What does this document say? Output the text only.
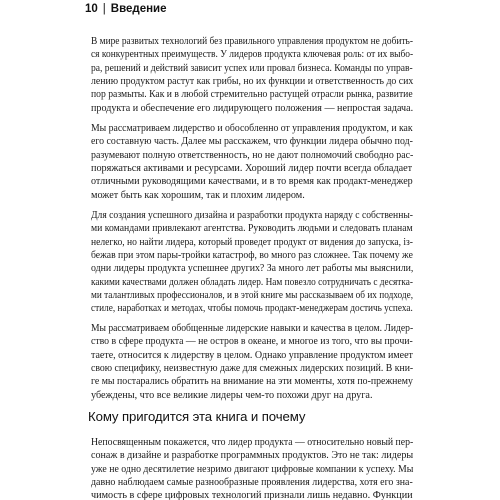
10 | Введение
В мире развитых технологий без правильного управления продуктом не добить-
ся конкурентных преимуществ. У лидеров продукта ключевая роль: от их выбо-
ра, решений и действий зависит успех или провал бизнеса. Команды по управ-
лению продуктом растут как грибы, но их функции и ответственность до сих
пор размыты. Как и в любой стремительно растущей отрасли рынка, развитие
продукта и обеспечение его лидирующего положения — непростая задача.
Мы рассматриваем лидерство и обособленно от управления продуктом, и как
его составную часть. Далее мы расскажем, что функции лидера обычно под-
разумевают полную ответственность, но не дают полномочий свободно рас-
поряжаться активами и ресурсами. Хороший лидер почти всегда обладает
отличными руководящими качествами, и в то время как продакт-менеджер
может быть как хорошим, так и плохим лидером.
Для создания успешного дизайна и разработки продукта наряду с собственны-
ми командами привлекают агентства. Руководить людьми и следовать планам
нелегко, но найти лидера, который проведет продукт от видения до запуска, із-
бежав при этом пары-тройки катастроф, во много раз сложнее. Так почему же
одни лидеры продукта успешнее других? За много лет работы мы выяснили,
какими качествами должен обладать лидер. Нам повезло сотрудничать с десятка-
ми талантливых профессионалов, и в этой книге мы рассказываем об их подходе,
стиле, наработках и методах, чтобы помочь продакт-менеджерам достичь успеха.
Мы рассматриваем обобщенные лидерские навыки и качества в целом. Лидер-
ство в сфере продукта — не остров в океане, и многое из того, что вы прочи-
таете, относится к лидерству в целом. Однако управление продуктом имеет
свою специфику, неизвестную даже для смежных лидерских позиций. В кни-
ге мы постарались обратить на внимание на эти моменты, хотя по-прежнему
убеждены, что все великие лидеры чем-то похожи друг на друга.
Кому пригодится эта книга и почему
Непосвященным покажется, что лидер продукта — относительно новый пер-
сонаж в дизайне и разработке программных продуктов. Это не так: лидеры
уже не одно десятилетие незримо двигают цифровые компании к успеху. Мы
давно наблюдаем самые разнообразные проявления лидерства, хотя его зна-
чимость в сфере цифровых технологий признали лишь недавно. Функции
